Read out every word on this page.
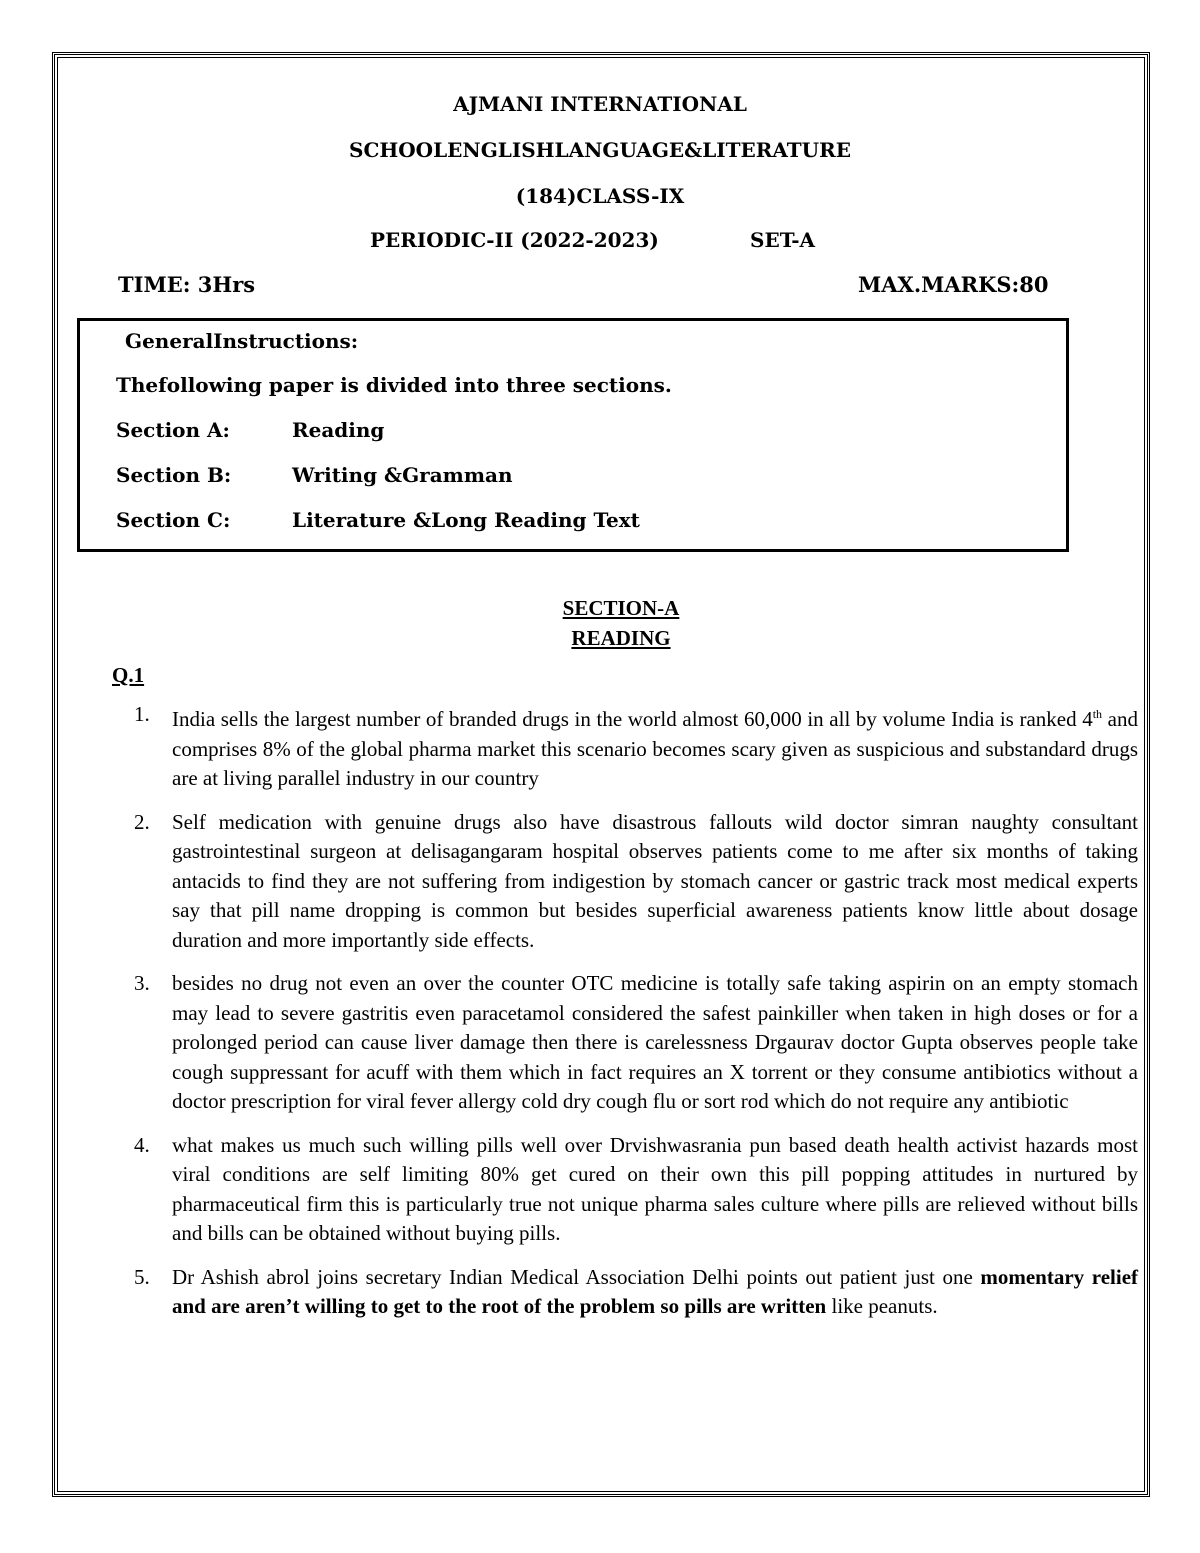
AJMANI INTERNATIONAL
SCHOOLENGLISHLANGUAGE&LITERATURE
(184)CLASS-IX
PERIODIC-II (2022-2023)	SET-A
TIME: 3Hrs	MAX.MARKS:80
GeneralInstructions:
Thefollowing paper is divided into three sections.
Section A:	Reading
Section B:	Writing &Gramman
Section C:	Literature &Long Reading Text
SECTION-A
READING
Q.1
1. India sells the largest number of branded drugs in the world almost 60,000 in all by volume India is ranked 4th and comprises 8% of the global pharma market this scenario becomes scary given as suspicious and substandard drugs are at living parallel industry in our country
2. Self medication with genuine drugs also have disastrous fallouts wild doctor simran naughty consultant gastrointestinal surgeon at delisagangaram hospital observes patients come to me after six months of taking antacids to find they are not suffering from indigestion by stomach cancer or gastric track most medical experts say that pill name dropping is common but besides superficial awareness patients know little about dosage duration and more importantly side effects.
3. besides no drug not even an over the counter OTC medicine is totally safe taking aspirin on an empty stomach may lead to severe gastritis even paracetamol considered the safest painkiller when taken in high doses or for a prolonged period can cause liver damage then there is carelessness Drgaurav doctor Gupta observes people take cough suppressant for acuff with them which in fact requires an X torrent or they consume antibiotics without a doctor prescription for viral fever allergy cold dry cough flu or sort rod which do not require any antibiotic
4. what makes us much such willing pills well over Drvishwasrania pun based death health activist hazards most viral conditions are self limiting 80% get cured on their own this pill popping attitudes in nurtured by pharmaceutical firm this is particularly true not unique pharma sales culture where pills are relieved without bills and bills can be obtained without buying pills.
5. Dr Ashish abrol joins secretary Indian Medical Association Delhi points out patient just one momentary relief and are aren’t willing to get to the root of the problem so pills are written like peanuts.
